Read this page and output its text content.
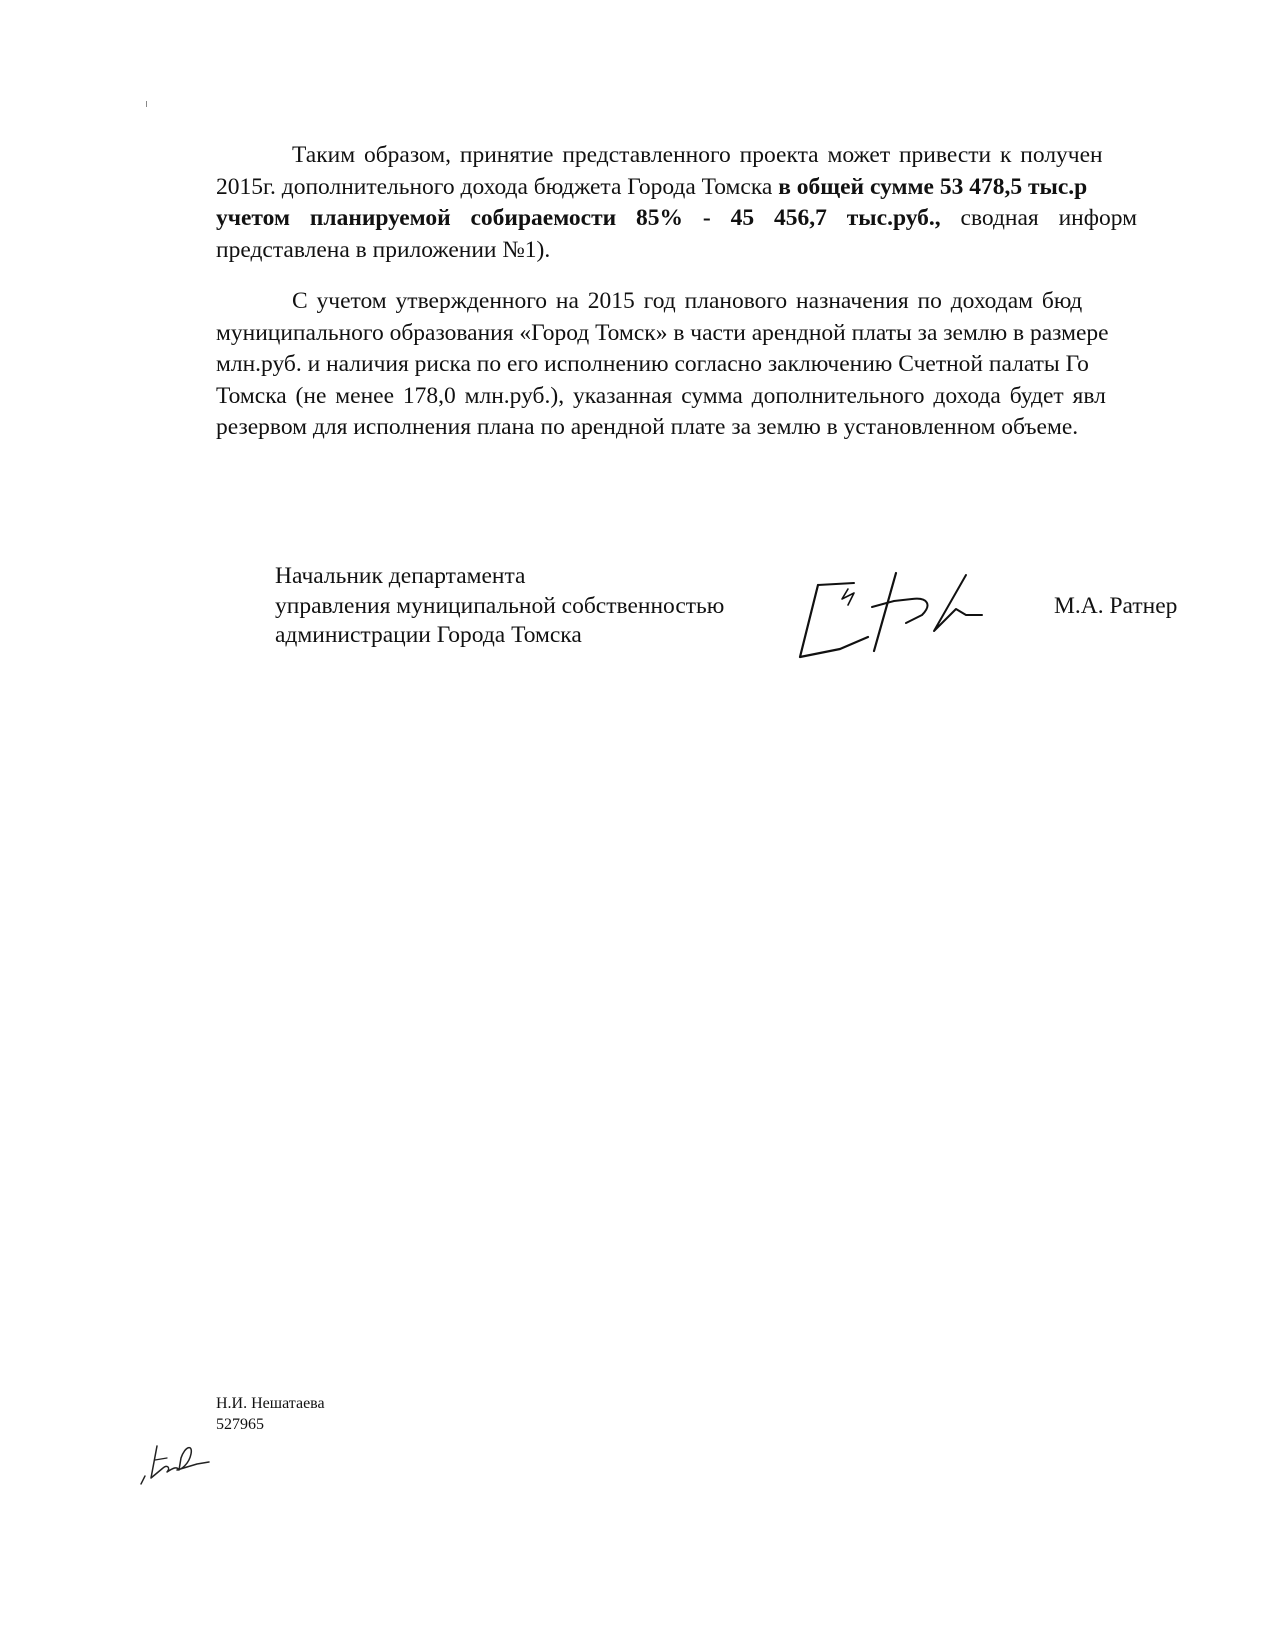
Таким образом, принятие представленного проекта может привести к получен
2015г. дополнительного дохода бюджета Города Томска в общей сумме 53 478,5 тыс.р
учетом планируемой собираемости 85% - 45 456,7 тыс.руб., сводная информ
представлена в приложении №1).

С учетом утвержденного на 2015 год планового назначения по доходам бюд
муниципального образования «Город Томск» в части арендной платы за землю в размере
млн.руб. и наличия риска по его исполнению согласно заключению Счетной палаты Го
Томска (не менее 178,0 млн.руб.), указанная сумма дополнительного дохода будет явл
резервом для исполнения плана по арендной плате за землю в установленном объеме.

Начальник департамента
управления муниципальной собственностью
администрации Города Томска
М.А. Ратнер
Н.И. Нешатаева
527965
